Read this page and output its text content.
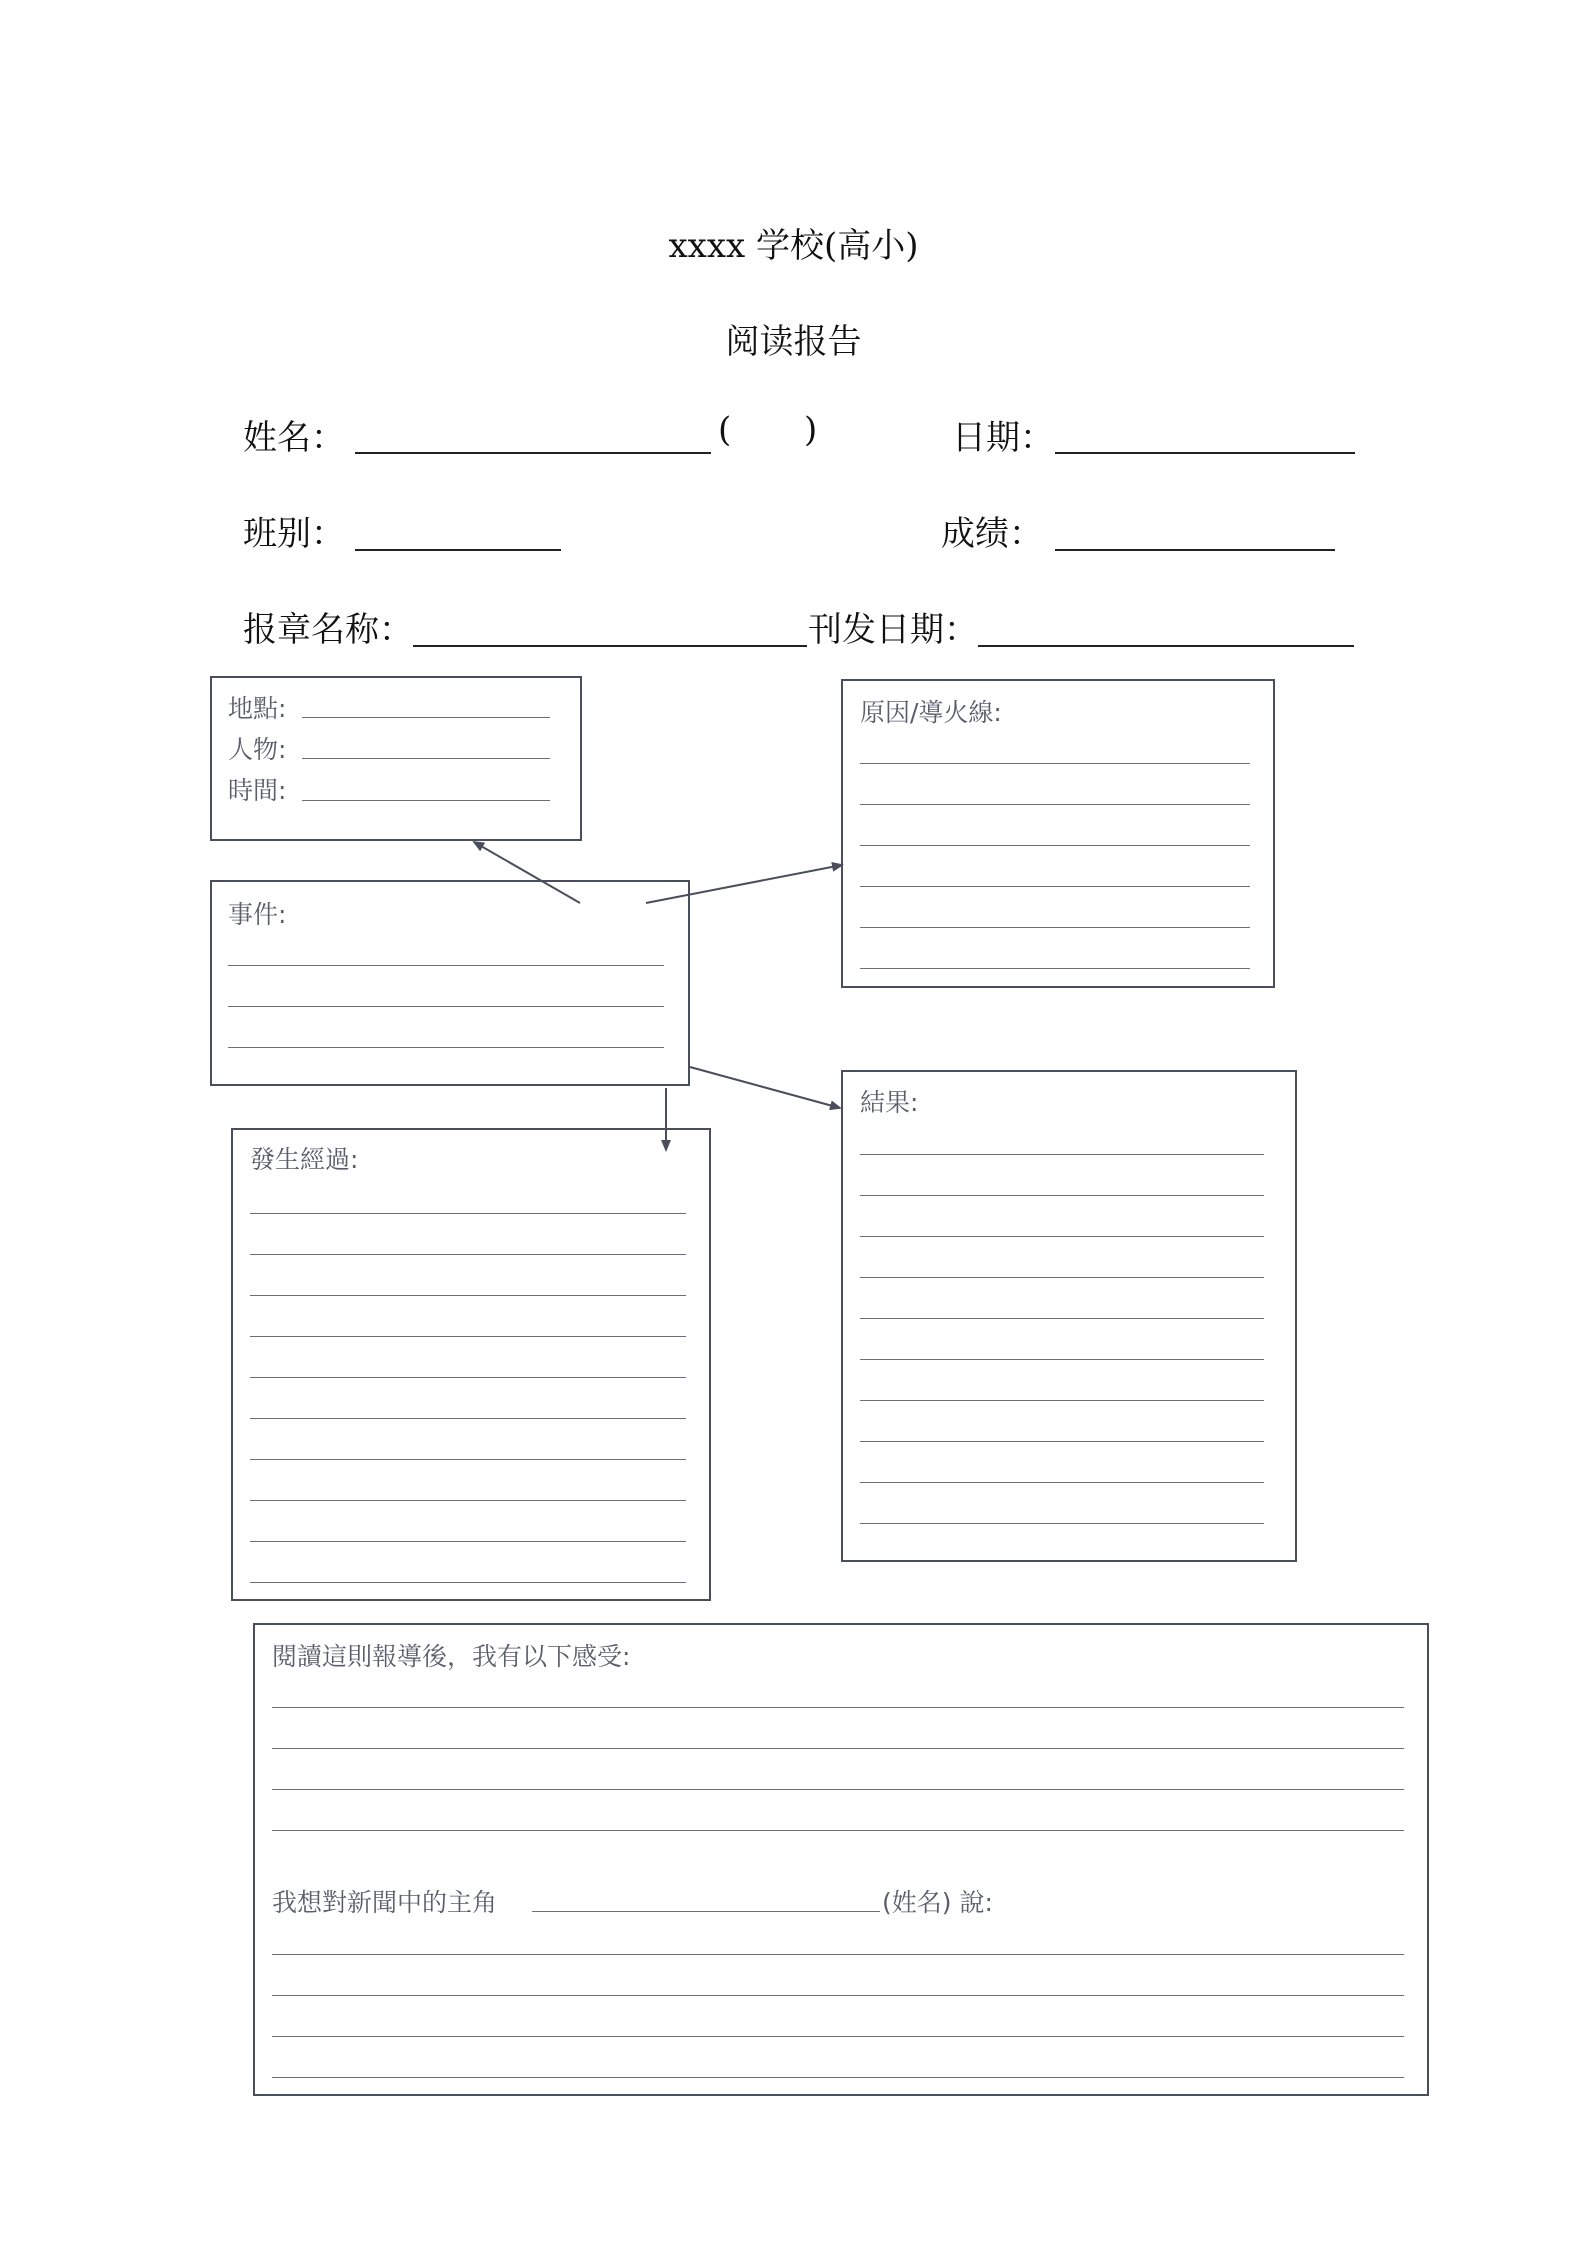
xxxx 学校(高小)
阅读报告
姓名：	( )	日期：
班别：	成绩：
报章名称：	刊发日期：
地點:
人物:
時間:
原因/導火線:
事件:
發生經過:
結果:
閱讀這則報導後，我有以下感受:
我想對新聞中的主角	(姓名) 說:
